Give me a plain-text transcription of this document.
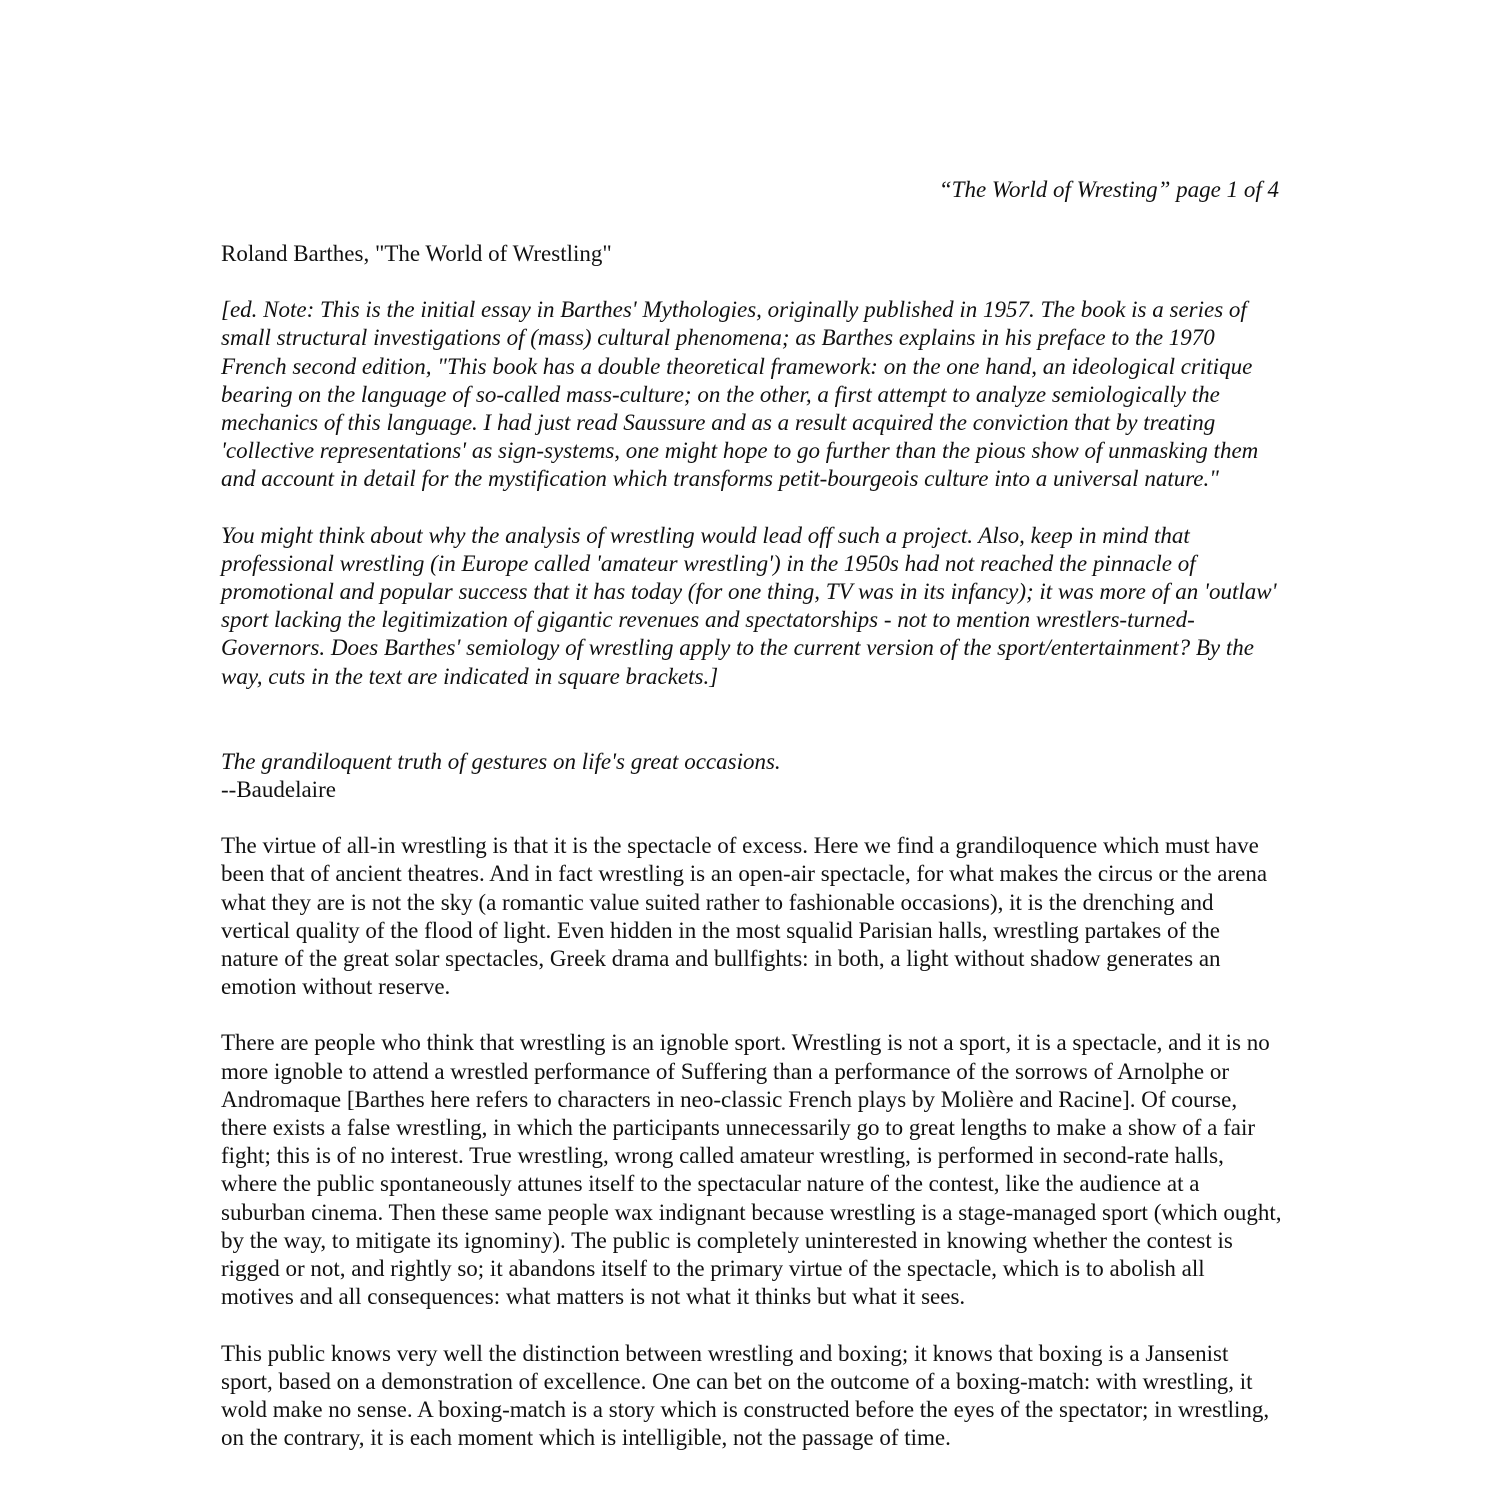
“The World of Wresting” page 1 of 4

Roland Barthes, "The World of Wrestling"

[ed. Note: This is the initial essay in Barthes' Mythologies, originally published in 1957. The book is a series of small structural investigations of (mass) cultural phenomena; as Barthes explains in his preface to the 1970 French second edition, "This book has a double theoretical framework: on the one hand, an ideological critique bearing on the language of so-called mass-culture; on the other, a first attempt to analyze semiologically the mechanics of this language. I had just read Saussure and as a result acquired the conviction that by treating 'collective representations' as sign-systems, one might hope to go further than the pious show of unmasking them and account in detail for the mystification which transforms petit-bourgeois culture into a universal nature."

You might think about why the analysis of wrestling would lead off such a project. Also, keep in mind that professional wrestling (in Europe called 'amateur wrestling') in the 1950s had not reached the pinnacle of promotional and popular success that it has today (for one thing, TV was in its infancy); it was more of an 'outlaw' sport lacking the legitimization of gigantic revenues and spectatorships - not to mention wrestlers-turned-Governors. Does Barthes' semiology of wrestling apply to the current version of the sport/entertainment? By the way, cuts in the text are indicated in square brackets.]

The grandiloquent truth of gestures on life's great occasions.

--Baudelaire

The virtue of all-in wrestling is that it is the spectacle of excess. Here we find a grandiloquence which must have been that of ancient theatres. And in fact wrestling is an open-air spectacle, for what makes the circus or the arena what they are is not the sky (a romantic value suited rather to fashionable occasions), it is the drenching and vertical quality of the flood of light. Even hidden in the most squalid Parisian halls, wrestling partakes of the nature of the great solar spectacles, Greek drama and bullfights: in both, a light without shadow generates an emotion without reserve.

There are people who think that wrestling is an ignoble sport. Wrestling is not a sport, it is a spectacle, and it is no more ignoble to attend a wrestled performance of Suffering than a performance of the sorrows of Arnolphe or Andromaque [Barthes here refers to characters in neo-classic French plays by Molière and Racine]. Of course, there exists a false wrestling, in which the participants unnecessarily go to great lengths to make a show of a fair fight; this is of no interest. True wrestling, wrong called amateur wrestling, is performed in second-rate halls, where the public spontaneously attunes itself to the spectacular nature of the contest, like the audience at a suburban cinema. Then these same people wax indignant because wrestling is a stage-managed sport (which ought, by the way, to mitigate its ignominy). The public is completely uninterested in knowing whether the contest is rigged or not, and rightly so; it abandons itself to the primary virtue of the spectacle, which is to abolish all motives and all consequences: what matters is not what it thinks but what it sees.

This public knows very well the distinction between wrestling and boxing; it knows that boxing is a Jansenist sport, based on a demonstration of excellence. One can bet on the outcome of a boxing-match: with wrestling, it wold make no sense. A boxing-match is a story which is constructed before the eyes of the spectator; in wrestling, on the contrary, it is each moment which is intelligible, not the passage of time.
